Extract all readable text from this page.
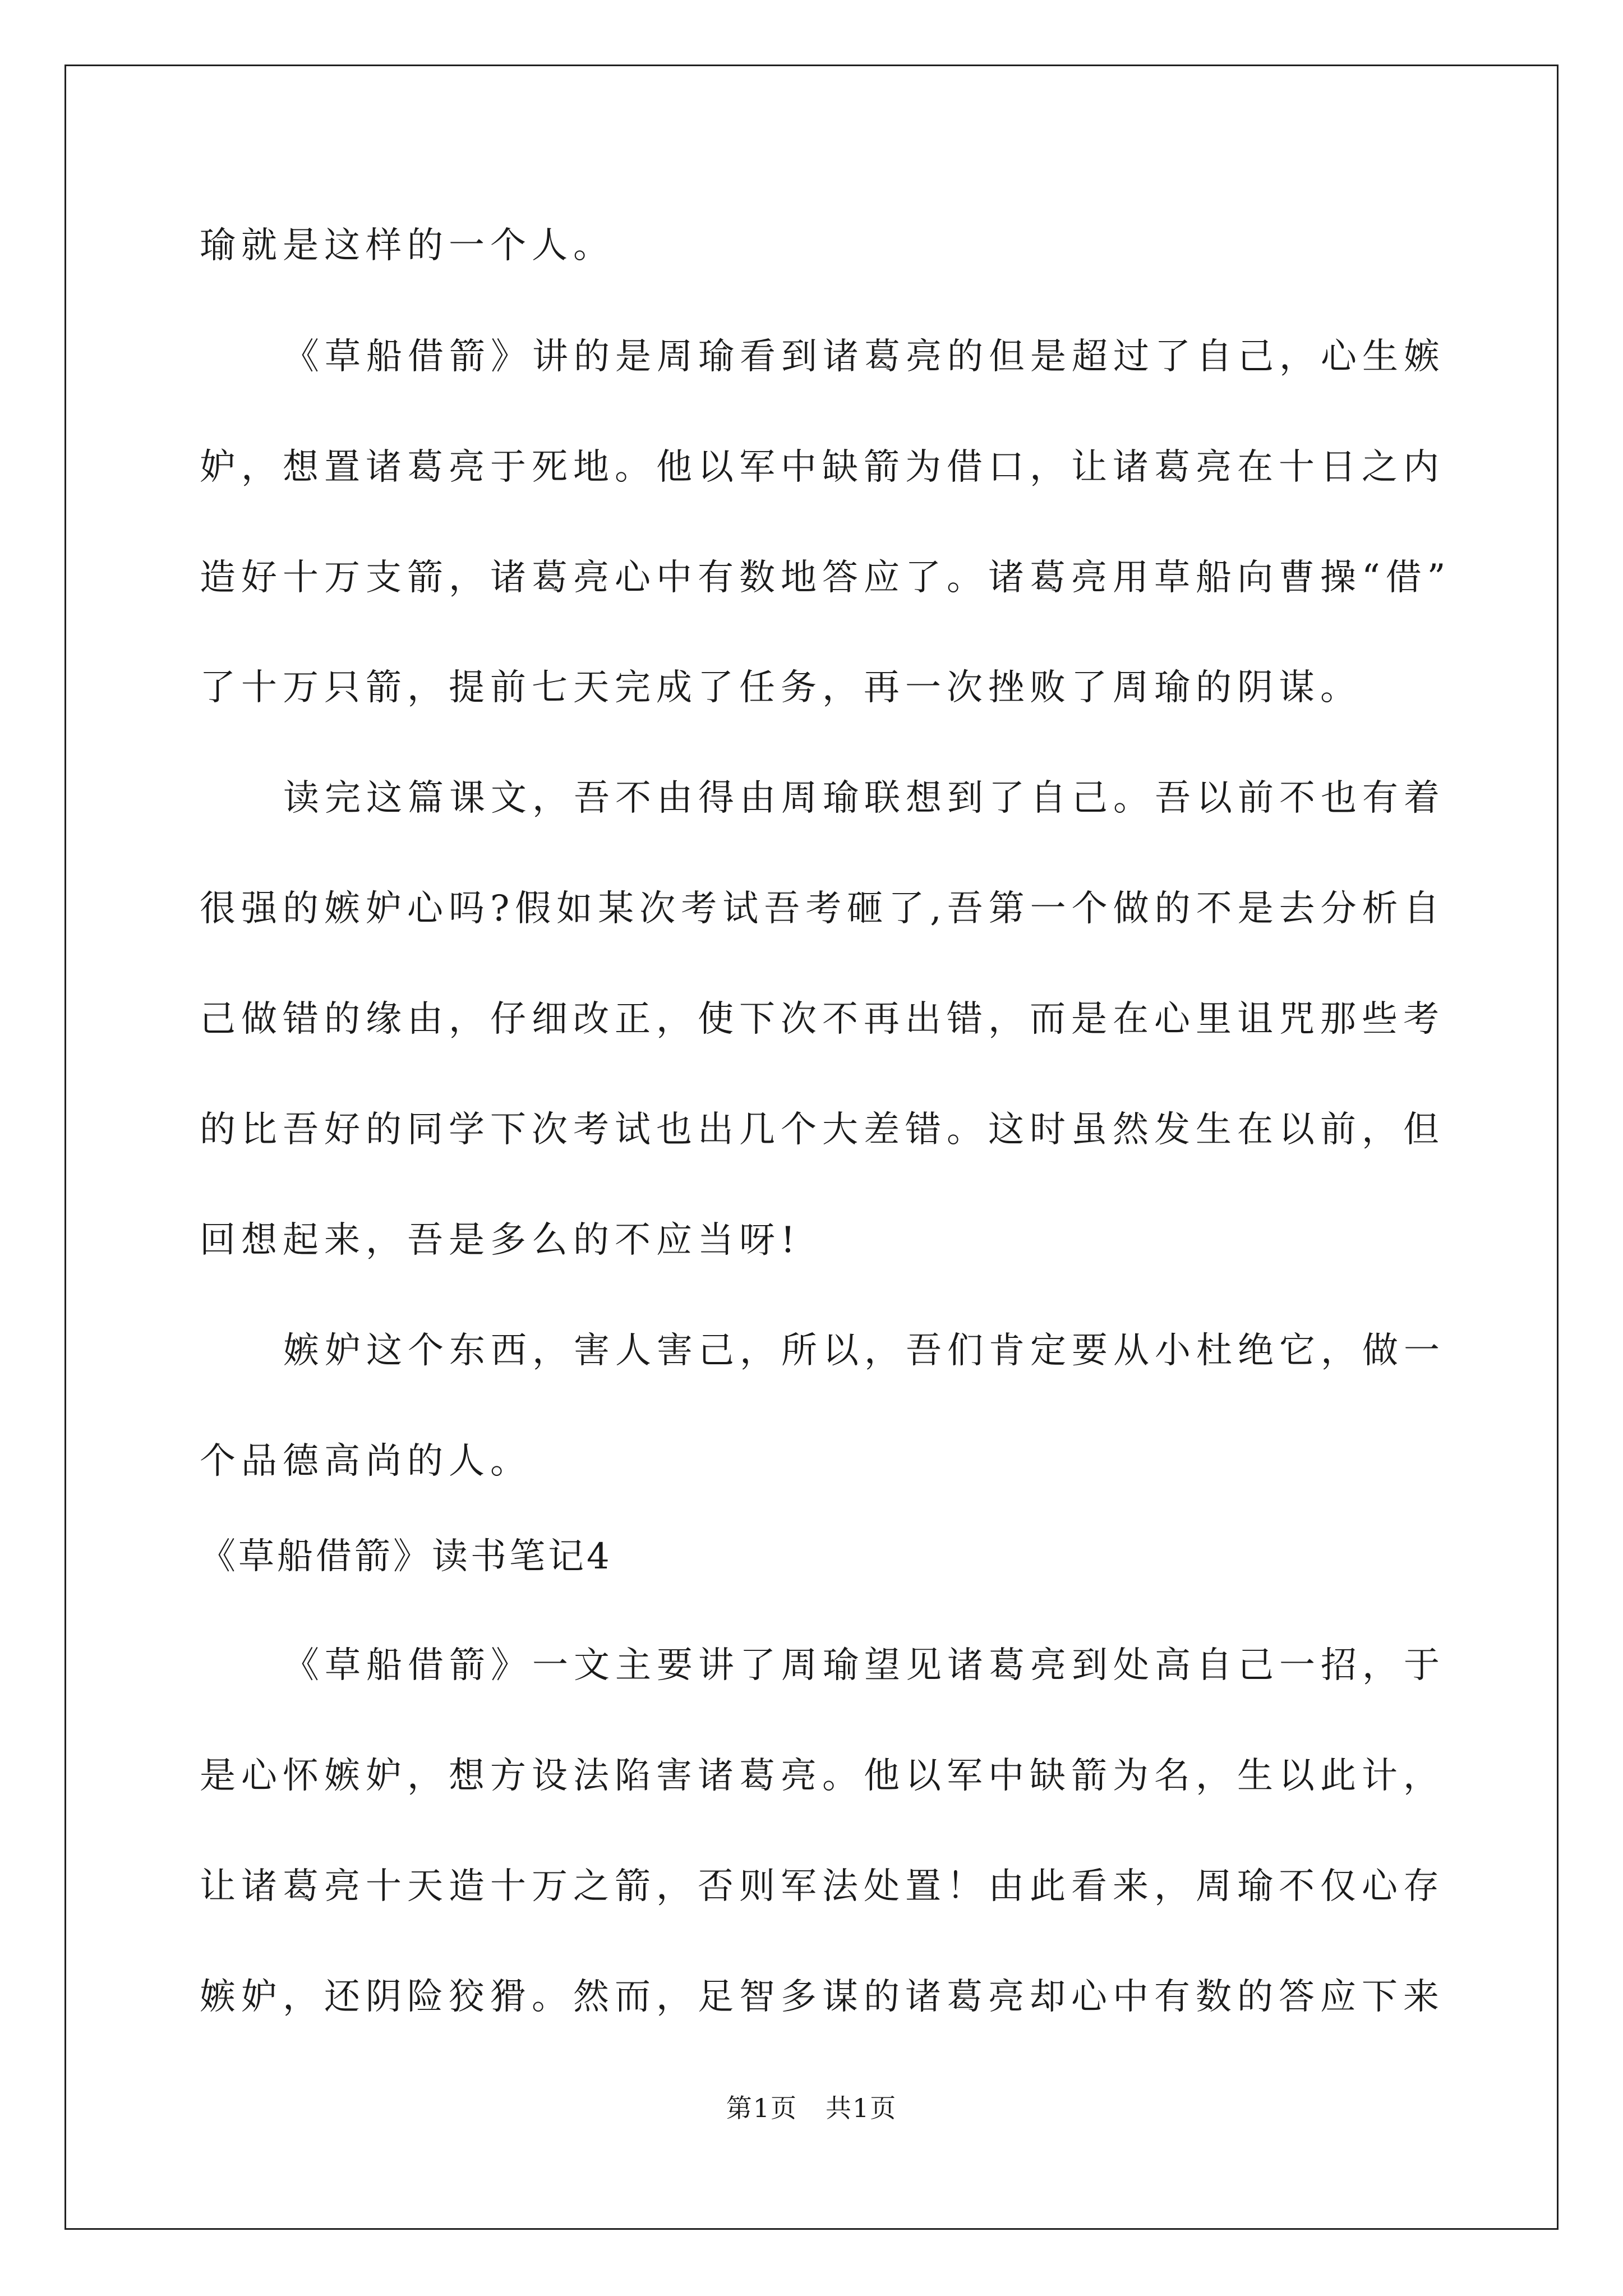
瑜就是这样的一个人。
《草船借箭》讲的是周瑜看到诸葛亮的但是超过了自己，心生嫉
妒，想置诸葛亮于死地。他以军中缺箭为借口，让诸葛亮在十日之内
造好十万支箭，诸葛亮心中有数地答应了。诸葛亮用草船向曹操“借”
了十万只箭，提前七天完成了任务，再一次挫败了周瑜的阴谋。
读完这篇课文，吾不由得由周瑜联想到了自己。吾以前不也有着
很强的嫉妒心吗?假如某次考试吾考砸了,吾第一个做的不是去分析自
己做错的缘由，仔细改正，使下次不再出错，而是在心里诅咒那些考
的比吾好的同学下次考试也出几个大差错。这时虽然发生在以前，但
回想起来，吾是多么的不应当呀!
嫉妒这个东西，害人害己，所以，吾们肯定要从小杜绝它，做一
个品德高尚的人。
《草船借箭》读书笔记4
《草船借箭》一文主要讲了周瑜望见诸葛亮到处高自己一招，于
是心怀嫉妒，想方设法陷害诸葛亮。他以军中缺箭为名，生以此计，
让诸葛亮十天造十万之箭，否则军法处置！由此看来，周瑜不仅心存
嫉妒，还阴险狡猾。然而，足智多谋的诸葛亮却心中有数的答应下来
第1页 共1页
